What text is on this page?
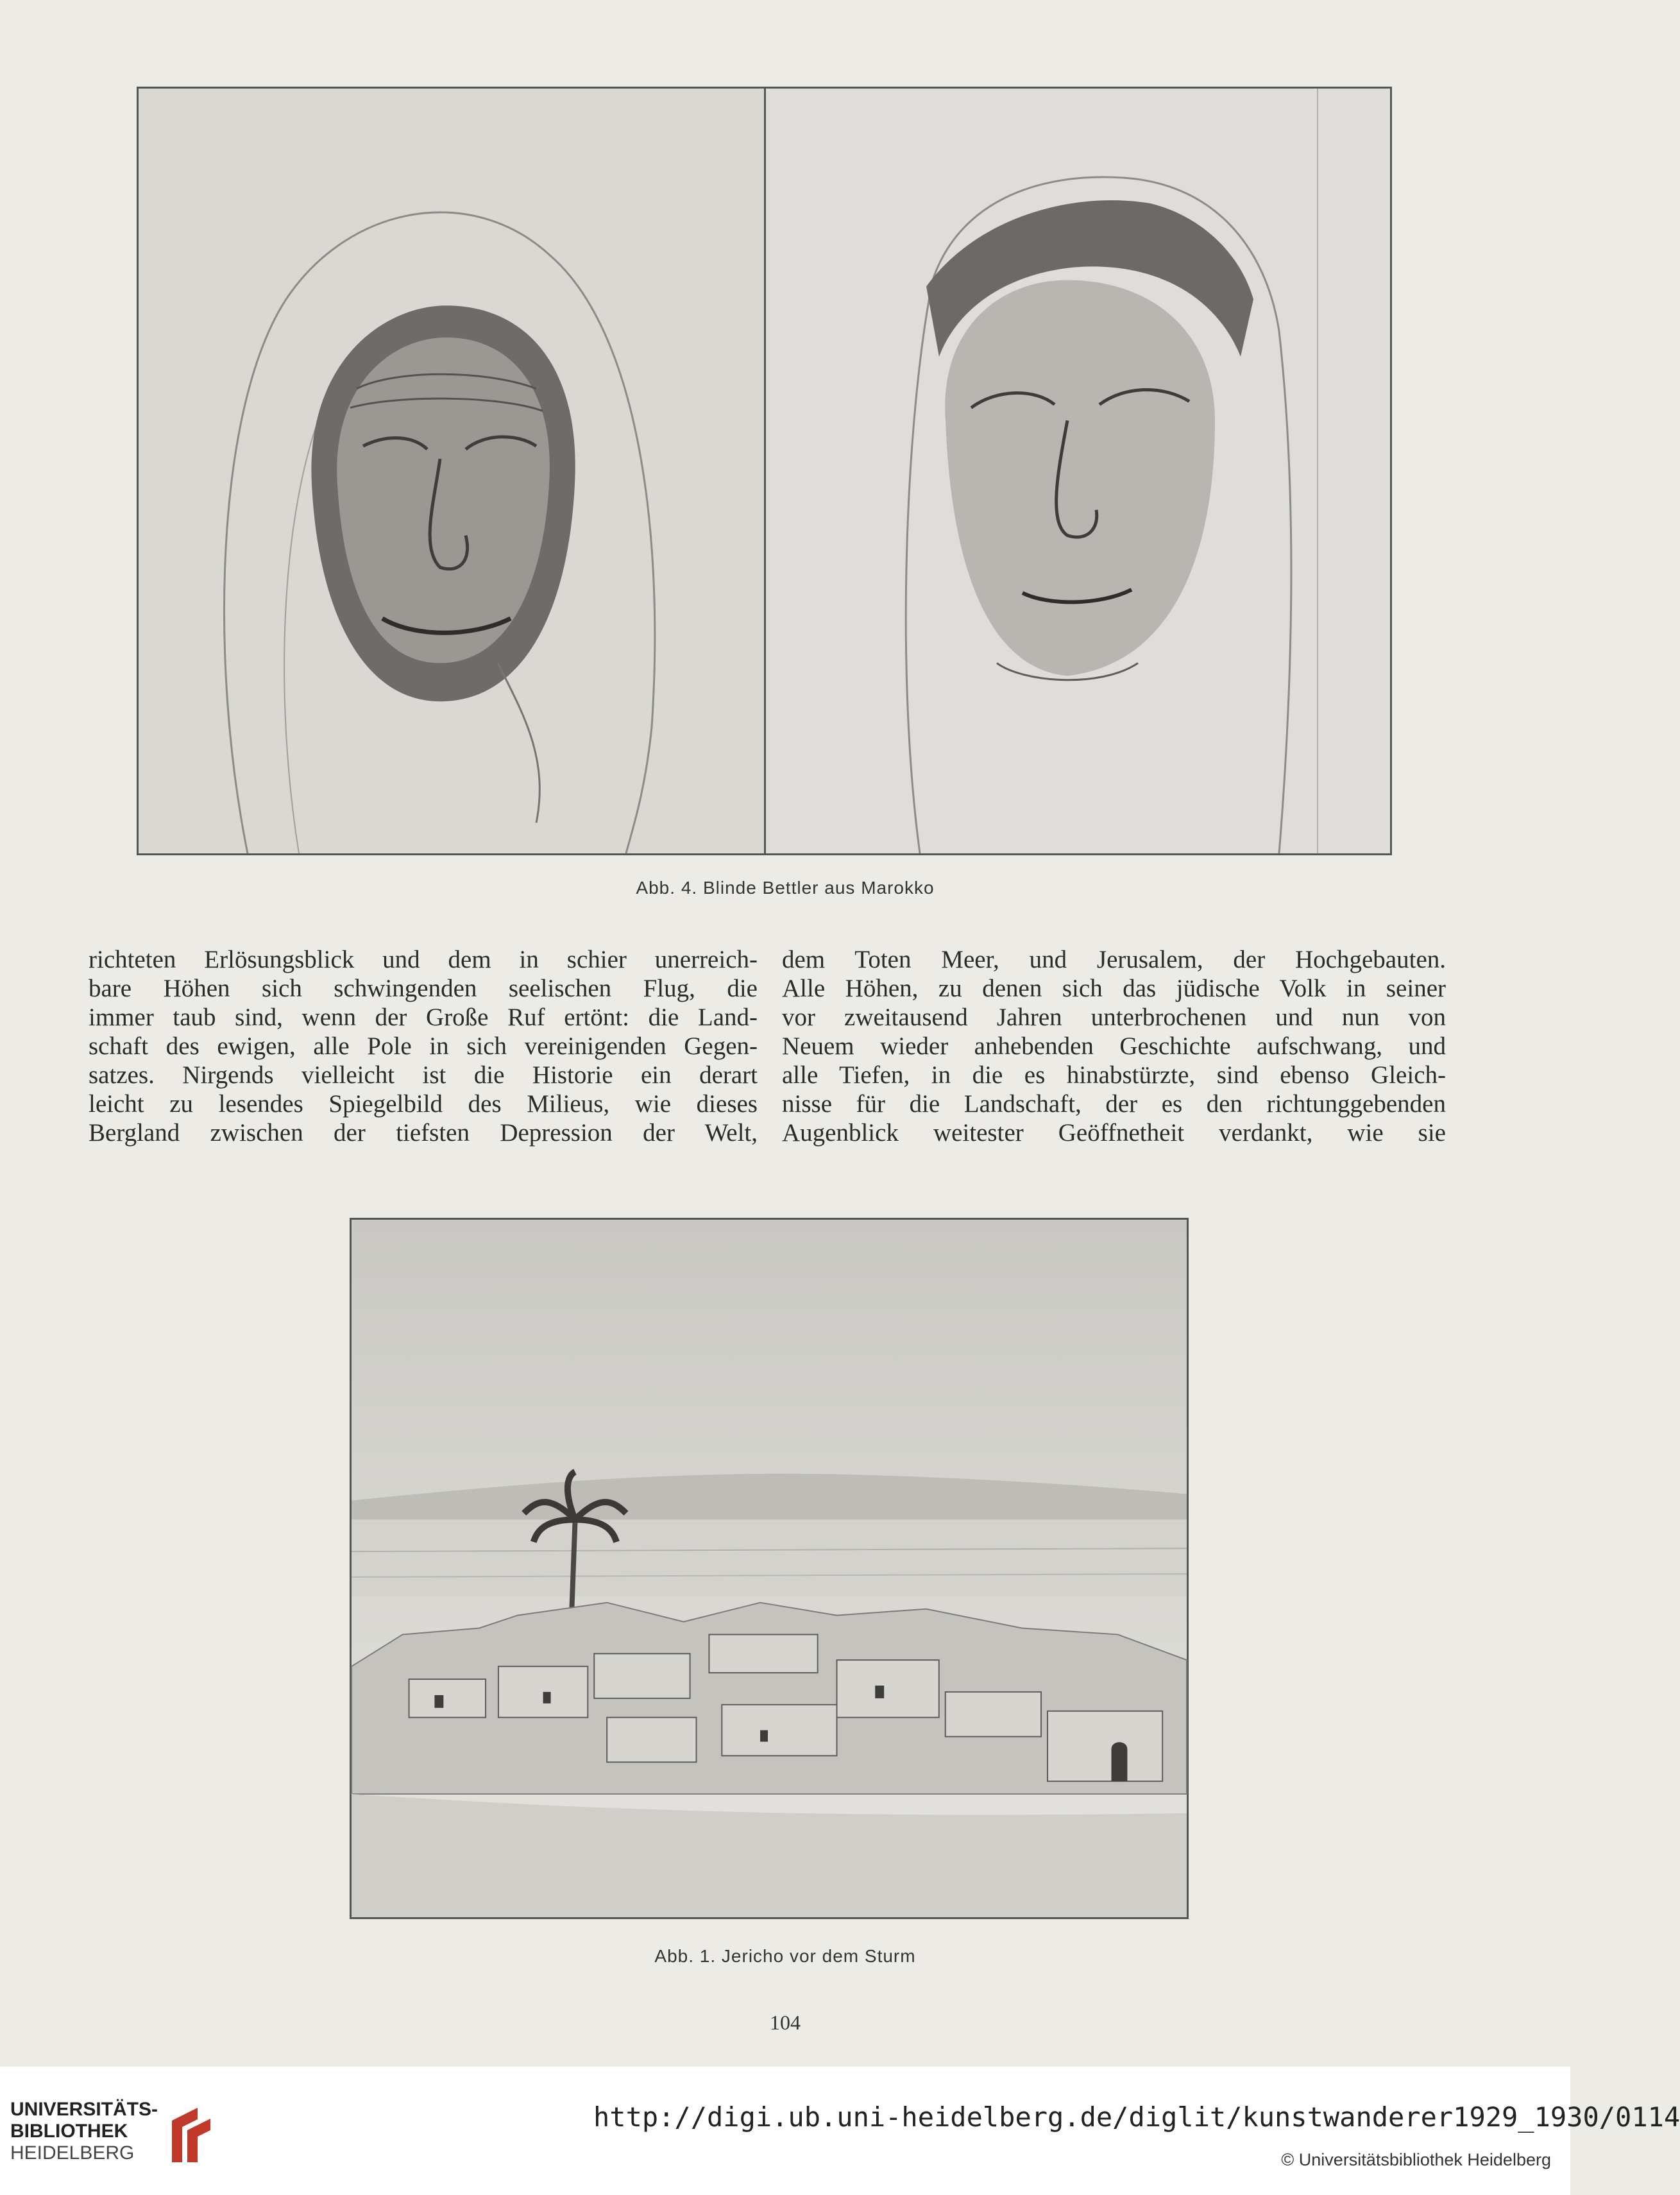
Abb. 4. Blinde Bettler aus Marokko
richteten Erlösungsblick und dem in schier unerreich-
bare Höhen sich schwingenden seelischen Flug, die
immer taub sind, wenn der Große Ruf ertönt: die Land-
schaft des ewigen, alle Pole in sich vereinigenden Gegen-
satzes. Nirgends vielleicht ist die Historie ein derart
leicht zu lesendes Spiegelbild des Milieus, wie dieses
Bergland zwischen der tiefsten Depression der Welt,
dem Toten Meer, und Jerusalem, der Hochgebauten.
Alle Höhen, zu denen sich das jüdische Volk in seiner
vor zweitausend Jahren unterbrochenen und nun von
Neuem wieder anhebenden Geschichte aufschwang, und
alle Tiefen, in die es hinabstürzte, sind ebenso Gleich-
nisse für die Landschaft, der es den richtunggebenden
Augenblick weitester Geöffnetheit verdankt, wie sie
Abb. 1. Jericho vor dem Sturm
104
UNIVERSITÄTS-
BIBLIOTHEK
HEIDELBERG
http://digi.ub.uni-heidelberg.de/diglit/kunstwanderer1929_1930/0114
© Universitätsbibliothek Heidelberg
